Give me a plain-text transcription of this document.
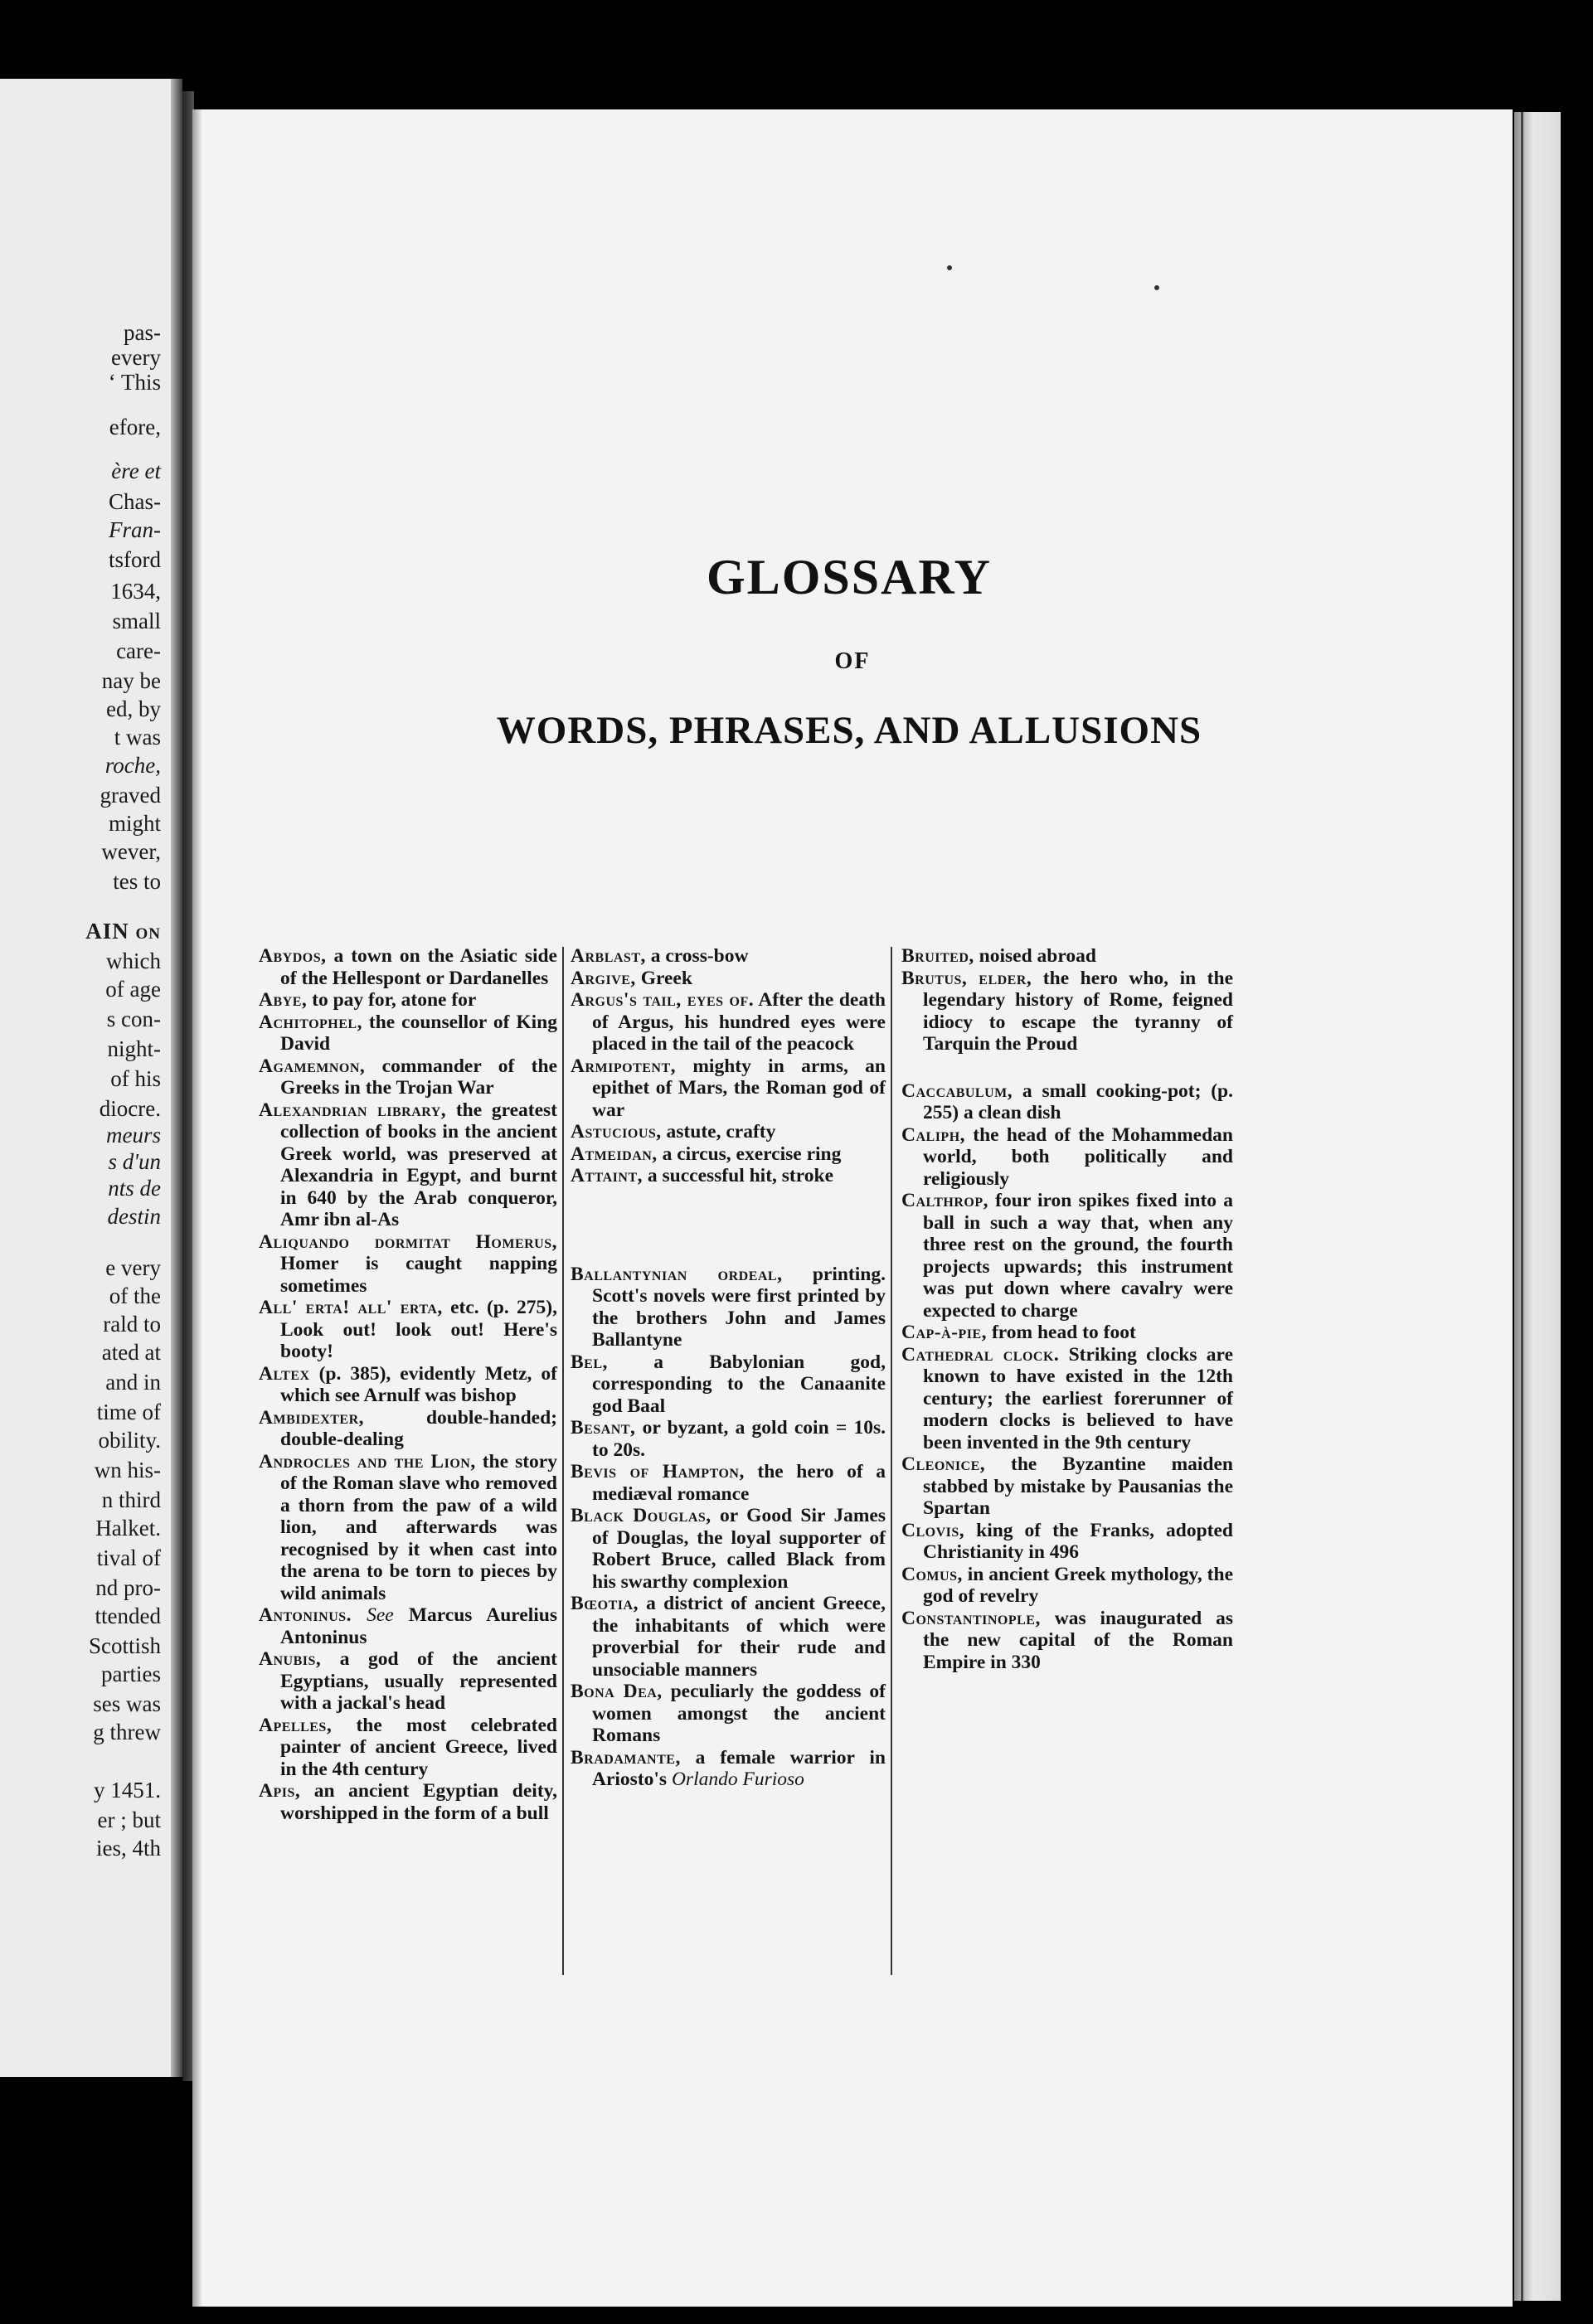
pas-

every

‘ This

efore,

ère et

Chas-

Fran-

tsford

1634,

small

care-

nay be

ed, by

t was

roche,

graved

might

wever,

tes to

AIN on

which

of age

s con-

night-

of his

diocre.

meurs

s d'un

nts de

destin

e very

of the

rald to

ated at

and in

time of

obility.

wn his-

n third

Halket.

tival of

nd pro-

ttended

Scottish

parties

ses was

g threw

y 1451.

er ; but

ies, 4th

GLOSSARY
OF
WORDS, PHRASES, AND ALLUSIONS

Abydos, a town on the Asiatic side of the Hellespont or Dardanelles

Abye, to pay for, atone for

Achitophel, the counsellor of King David

Agamemnon, commander of the Greeks in the Trojan War

Alexandrian library, the greatest collection of books in the ancient Greek world, was preserved at Alexandria in Egypt, and burnt in 640 by the Arab conqueror, Amr ibn al-As

Aliquando dormitat Homerus, Homer is caught napping sometimes

All' erta! all' erta, etc. (p. 275), Look out! look out! Here's booty!

Altex (p. 385), evidently Metz, of which see Arnulf was bishop

Ambidexter, double-handed; double-dealing

Androcles and the Lion, the story of the Roman slave who removed a thorn from the paw of a wild lion, and afterwards was recognised by it when cast into the arena to be torn to pieces by wild animals

Antoninus. See Marcus Aurelius Antoninus

Anubis, a god of the ancient Egyptians, usually represented with a jackal's head

Apelles, the most celebrated painter of ancient Greece, lived in the 4th century

Apis, an ancient Egyptian deity, worshipped in the form of a bull

Arblast, a cross-bow

Argive, Greek

Argus's tail, eyes of. After the death of Argus, his hundred eyes were placed in the tail of the peacock

Armipotent, mighty in arms, an epithet of Mars, the Roman god of war

Astucious, astute, crafty

Atmeidan, a circus, exercise ring

Attaint, a successful hit, stroke

Ballantynian ordeal, printing. Scott's novels were first printed by the brothers John and James Ballantyne

Bel, a Babylonian god, corresponding to the Canaanite god Baal

Besant, or byzant, a gold coin = 10s. to 20s.

Bevis of Hampton, the hero of a mediæval romance

Black Douglas, or Good Sir James of Douglas, the loyal supporter of Robert Bruce, called Black from his swarthy complexion

Bœotia, a district of ancient Greece, the inhabitants of which were proverbial for their rude and unsociable manners

Bona Dea, peculiarly the goddess of women amongst the ancient Romans

Bradamante, a female warrior in Ariosto's Orlando Furioso

Bruited, noised abroad

Brutus, elder, the hero who, in the legendary history of Rome, feigned idiocy to escape the tyranny of Tarquin the Proud

Caccabulum, a small cooking-pot; (p. 255) a clean dish

Caliph, the head of the Mohammedan world, both politically and religiously

Calthrop, four iron spikes fixed into a ball in such a way that, when any three rest on the ground, the fourth projects upwards; this instrument was put down where cavalry were expected to charge

Cap-à-pie, from head to foot

Cathedral clock. Striking clocks are known to have existed in the 12th century; the earliest forerunner of modern clocks is believed to have been invented in the 9th century

Cleonice, the Byzantine maiden stabbed by mistake by Pausanias the Spartan

Clovis, king of the Franks, adopted Christianity in 496

Comus, in ancient Greek mythology, the god of revelry

Constantinople, was inaugurated as the new capital of the Roman Empire in 330
